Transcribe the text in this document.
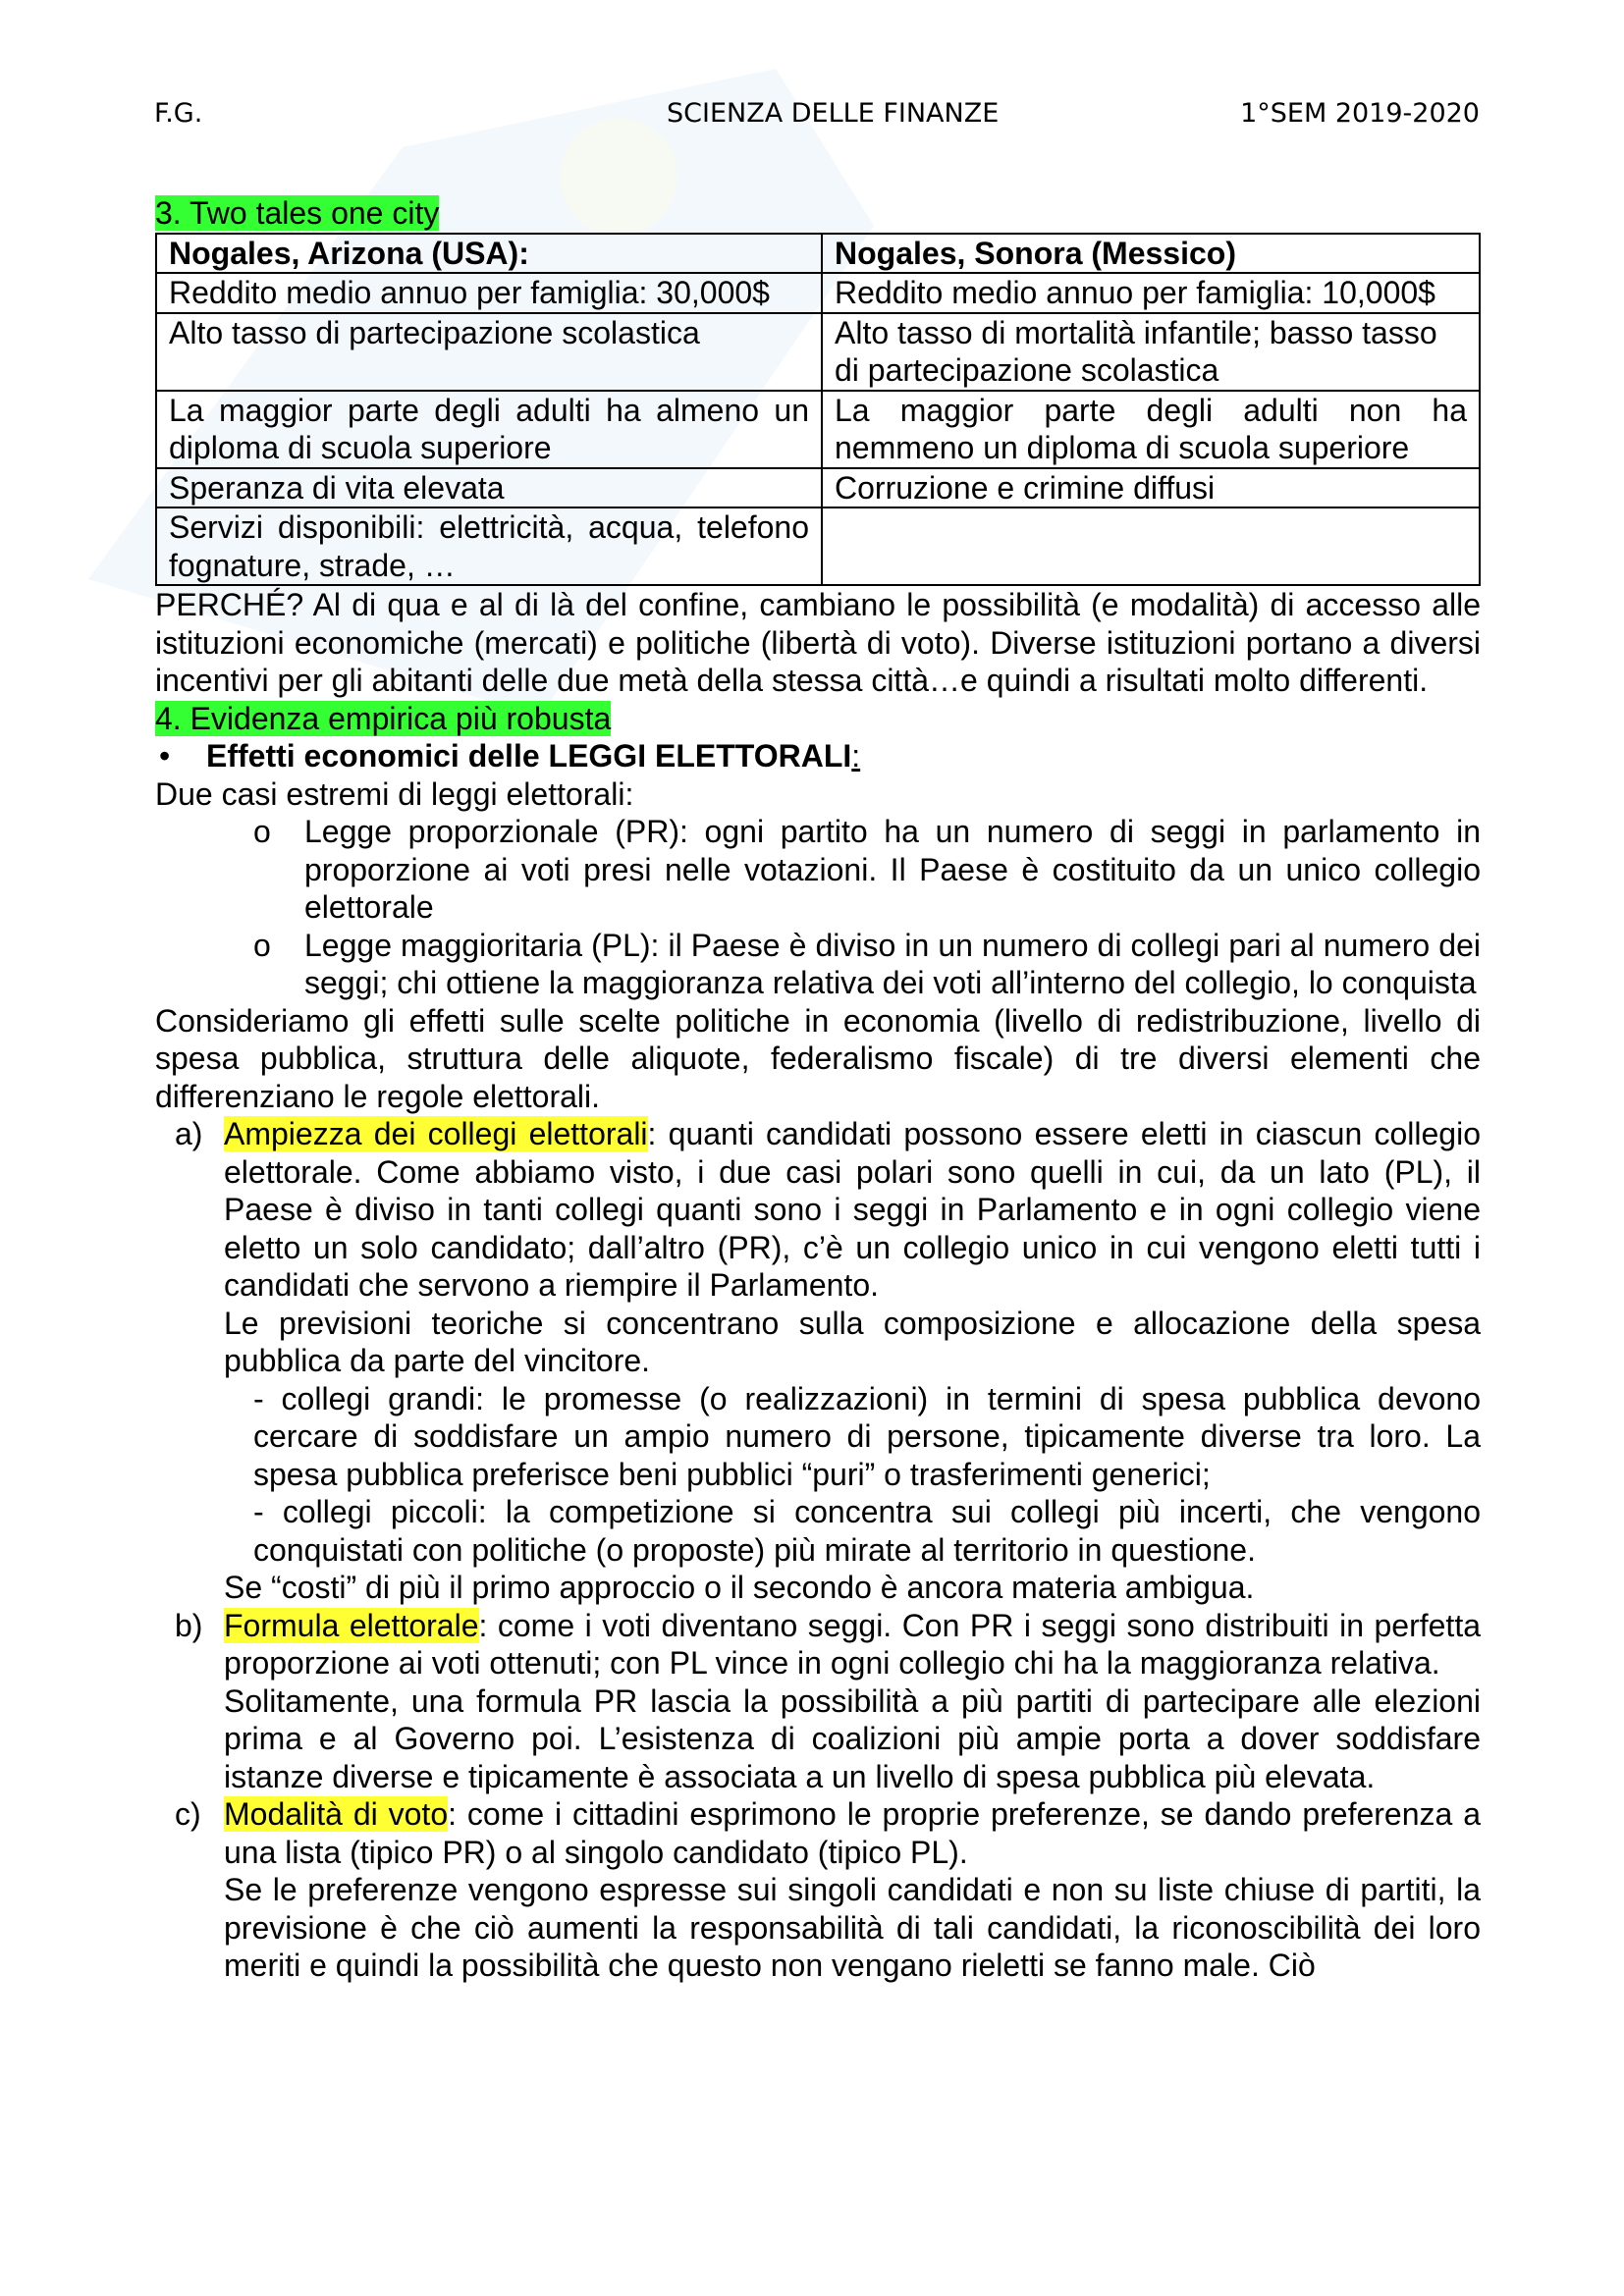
F.G.	SCIENZA DELLE FINANZE	1°SEM 2019-2020

3. Two tales one city

Nogales, Arizona (USA):	Nogales, Sonora (Messico)
Reddito medio annuo per famiglia: 30,000$	Reddito medio annuo per famiglia: 10,000$
Alto tasso di partecipazione scolastica	Alto tasso di mortalità infantile; basso tasso di partecipazione scolastica
La maggior parte degli adulti ha almeno un diploma di scuola superiore	La maggior parte degli adulti non ha nemmeno un diploma di scuola superiore
Speranza di vita elevata	Corruzione e crimine diffusi
Servizi disponibili: elettricità, acqua, telefono fognature, strade, …	

PERCHÉ? Al di qua e al di là del confine, cambiano le possibilità (e modalità) di accesso alle istituzioni economiche (mercati) e politiche (libertà di voto). Diverse istituzioni portano a diversi incentivi per gli abitanti delle due metà della stessa città…e quindi a risultati molto differenti.

4. Evidenza empirica più robusta

• Effetti economici delle LEGGI ELETTORALI:

Due casi estremi di leggi elettorali:

o Legge proporzionale (PR): ogni partito ha un numero di seggi in parlamento in proporzione ai voti presi nelle votazioni. Il Paese è costituito da un unico collegio elettorale
o Legge maggioritaria (PL): il Paese è diviso in un numero di collegi pari al numero dei seggi; chi ottiene la maggioranza relativa dei voti all’interno del collegio, lo conquista

Consideriamo gli effetti sulle scelte politiche in economia (livello di redistribuzione, livello di spesa pubblica, struttura delle aliquote, federalismo fiscale) di tre diversi elementi che differenziano le regole elettorali.

a) Ampiezza dei collegi elettorali: quanti candidati possono essere eletti in ciascun collegio elettorale. Come abbiamo visto, i due casi polari sono quelli in cui, da un lato (PL), il Paese è diviso in tanti collegi quanti sono i seggi in Parlamento e in ogni collegio viene eletto un solo candidato; dall’altro (PR), c’è un collegio unico in cui vengono eletti tutti i candidati che servono a riempire il Parlamento.

Le previsioni teoriche si concentrano sulla composizione e allocazione della spesa pubblica da parte del vincitore.

- collegi grandi: le promesse (o realizzazioni) in termini di spesa pubblica devono cercare di soddisfare un ampio numero di persone, tipicamente diverse tra loro. La spesa pubblica preferisce beni pubblici “puri” o trasferimenti generici;

- collegi piccoli: la competizione si concentra sui collegi più incerti, che vengono conquistati con politiche (o proposte) più mirate al territorio in questione.

Se “costi” di più il primo approccio o il secondo è ancora materia ambigua.

b) Formula elettorale: come i voti diventano seggi. Con PR i seggi sono distribuiti in perfetta proporzione ai voti ottenuti; con PL vince in ogni collegio chi ha la maggioranza relativa.

Solitamente, una formula PR lascia la possibilità a più partiti di partecipare alle elezioni prima e al Governo poi. L’esistenza di coalizioni più ampie porta a dover soddisfare istanze diverse e tipicamente è associata a un livello di spesa pubblica più elevata.

c) Modalità di voto: come i cittadini esprimono le proprie preferenze, se dando preferenza a una lista (tipico PR) o al singolo candidato (tipico PL).

Se le preferenze vengono espresse sui singoli candidati e non su liste chiuse di partiti, la previsione è che ciò aumenti la responsabilità di tali candidati, la riconoscibilità dei loro meriti e quindi la possibilità che questo non vengano rieletti se fanno male. Ciò
